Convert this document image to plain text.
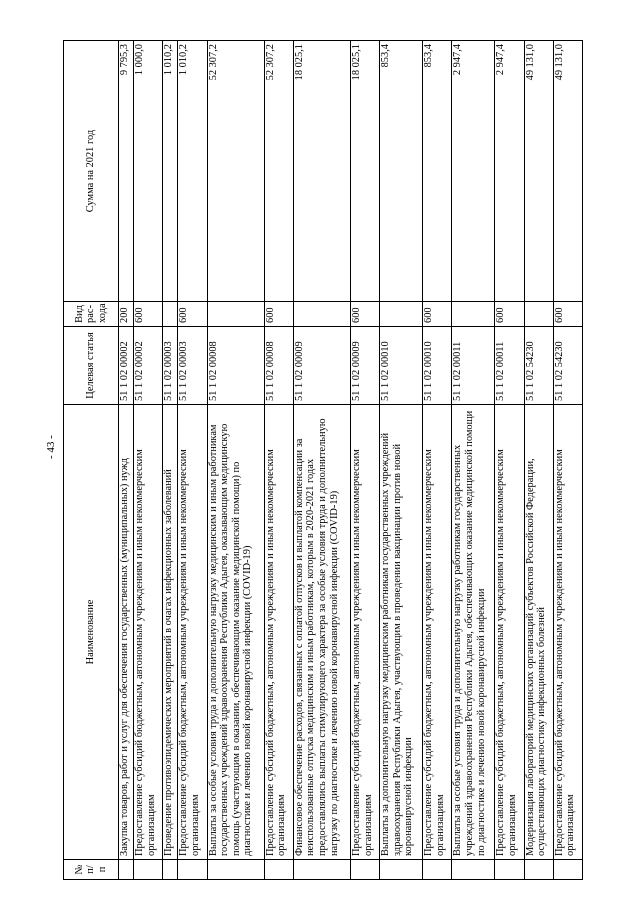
- 43 -
№ п/п	Наименование	Целевая статья	Вид рас-хода	Сумма на 2021 год
	Закупка товаров, работ и услуг для обеспечения государственных (муниципальных) нужд	51 1 02 00002	200	9 795,3
	Предоставление субсидий бюджетным, автономным учреждениям и иным некоммерческим организациям	51 1 02 00002	600	1 000,0
	Проведение противоэпидемических мероприятий в очагах инфекционных заболеваний	51 1 02 00003		1 010,2
	Предоставление субсидий бюджетным, автономным учреждениям и иным некоммерческим организациям	51 1 02 00003	600	1 010,2
	Выплаты за особые условия труда и дополнительную нагрузку медицинским и иным работникам государственных учреждений здравоохранения Республики Адыгея, оказывающим медицинскую помощь (участвующим в оказании, обеспечивающим оказание медицинской помощи) по диагностике и лечению новой коронавирусной инфекции (COVID-19)	51 1 02 00008		52 307,2
	Предоставление субсидий бюджетным, автономным учреждениям и иным некоммерческим организациям	51 1 02 00008	600	52 307,2
	Финансовое обеспечение расходов, связанных с оплатой отпусков и выплатой компенсации за неиспользованные отпуска медицинским и иным работникам, которым в 2020-2021 годах предоставлялись выплаты стимулирующего характера за особые условия труда и дополнительную нагрузку по диагностике и лечению новой коронавирусной инфекции (COVID-19)	51 1 02 00009		18 025,1
	Предоставление субсидий бюджетным, автономным учреждениям и иным некоммерческим организациям	51 1 02 00009	600	18 025,1
	Выплаты за дополнительную нагрузку медицинским работникам государственных учреждений здравоохранения Республики Адыгея, участвующим в проведении вакцинации против новой коронавирусной инфекции	51 1 02 00010		853,4
	Предоставление субсидий бюджетным, автономным учреждениям и иным некоммерческим организациям	51 1 02 00010	600	853,4
	Выплаты за особые условия труда и дополнительную нагрузку работникам государственных учреждений здравоохранения Республики Адыгея, обеспечивающих оказание медицинской помощи по диагностике и лечению новой коронавирусной инфекции	51 1 02 00011		2 947,4
	Предоставление субсидий бюджетным, автономным учреждениям и иным некоммерческим организациям	51 1 02 00011	600	2 947,4
	Модернизация лабораторий медицинских организаций субъектов Российской Федерации, осуществляющих диагностику инфекционных болезней	51 1 02 54230		49 131,0
	Предоставление субсидий бюджетным, автономным учреждениям и иным некоммерческим организациям	51 1 02 54230	600	49 131,0
